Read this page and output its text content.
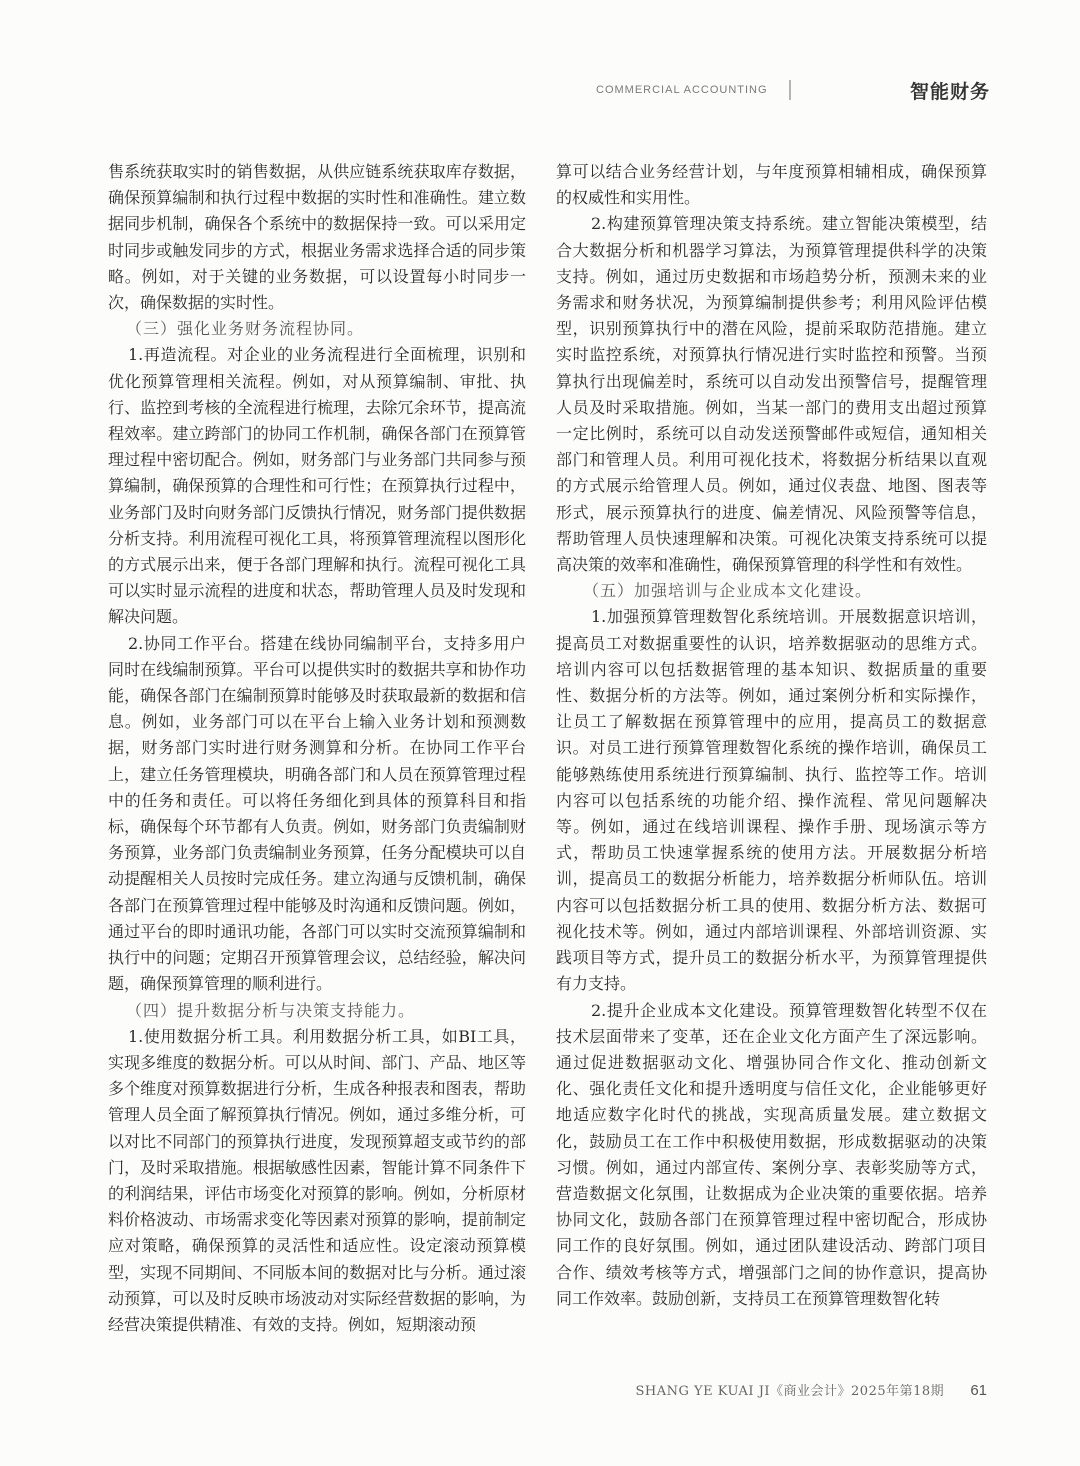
COMMERCIAL ACCOUNTING	智能财务

售系统获取实时的销售数据，从供应链系统获取库存数据，确保预算编制和执行过程中数据的实时性和准确性。建立数据同步机制，确保各个系统中的数据保持一致。可以采用定时同步或触发同步的方式，根据业务需求选择合适的同步策略。例如，对于关键的业务数据，可以设置每小时同步一次，确保数据的实时性。

（三）强化业务财务流程协同。

1.再造流程。对企业的业务流程进行全面梳理，识别和优化预算管理相关流程。例如，对从预算编制、审批、执行、监控到考核的全流程进行梳理，去除冗余环节，提高流程效率。建立跨部门的协同工作机制，确保各部门在预算管理过程中密切配合。例如，财务部门与业务部门共同参与预算编制，确保预算的合理性和可行性；在预算执行过程中，业务部门及时向财务部门反馈执行情况，财务部门提供数据分析支持。利用流程可视化工具，将预算管理流程以图形化的方式展示出来，便于各部门理解和执行。流程可视化工具可以实时显示流程的进度和状态，帮助管理人员及时发现和解决问题。

2.协同工作平台。搭建在线协同编制平台，支持多用户同时在线编制预算。平台可以提供实时的数据共享和协作功能，确保各部门在编制预算时能够及时获取最新的数据和信息。例如，业务部门可以在平台上输入业务计划和预测数据，财务部门实时进行财务测算和分析。在协同工作平台上，建立任务管理模块，明确各部门和人员在预算管理过程中的任务和责任。可以将任务细化到具体的预算科目和指标，确保每个环节都有人负责。例如，财务部门负责编制财务预算，业务部门负责编制业务预算，任务分配模块可以自动提醒相关人员按时完成任务。建立沟通与反馈机制，确保各部门在预算管理过程中能够及时沟通和反馈问题。例如，通过平台的即时通讯功能，各部门可以实时交流预算编制和执行中的问题；定期召开预算管理会议，总结经验，解决问题，确保预算管理的顺利进行。

（四）提升数据分析与决策支持能力。

1.使用数据分析工具。利用数据分析工具，如BI工具，实现多维度的数据分析。可以从时间、部门、产品、地区等多个维度对预算数据进行分析，生成各种报表和图表，帮助管理人员全面了解预算执行情况。例如，通过多维分析，可以对比不同部门的预算执行进度，发现预算超支或节约的部门，及时采取措施。根据敏感性因素，智能计算不同条件下的利润结果，评估市场变化对预算的影响。例如，分析原材料价格波动、市场需求变化等因素对预算的影响，提前制定应对策略，确保预算的灵活性和适应性。设定滚动预算模型，实现不同期间、不同版本间的数据对比与分析。通过滚动预算，可以及时反映市场波动对实际经营数据的影响，为经营决策提供精准、有效的支持。例如，短期滚动预

算可以结合业务经营计划，与年度预算相辅相成，确保预算的权威性和实用性。

2.构建预算管理决策支持系统。建立智能决策模型，结合大数据分析和机器学习算法，为预算管理提供科学的决策支持。例如，通过历史数据和市场趋势分析，预测未来的业务需求和财务状况，为预算编制提供参考；利用风险评估模型，识别预算执行中的潜在风险，提前采取防范措施。建立实时监控系统，对预算执行情况进行实时监控和预警。当预算执行出现偏差时，系统可以自动发出预警信号，提醒管理人员及时采取措施。例如，当某一部门的费用支出超过预算一定比例时，系统可以自动发送预警邮件或短信，通知相关部门和管理人员。利用可视化技术，将数据分析结果以直观的方式展示给管理人员。例如，通过仪表盘、地图、图表等形式，展示预算执行的进度、偏差情况、风险预警等信息，帮助管理人员快速理解和决策。可视化决策支持系统可以提高决策的效率和准确性，确保预算管理的科学性和有效性。

（五）加强培训与企业成本文化建设。

1.加强预算管理数智化系统培训。开展数据意识培训，提高员工对数据重要性的认识，培养数据驱动的思维方式。培训内容可以包括数据管理的基本知识、数据质量的重要性、数据分析的方法等。例如，通过案例分析和实际操作，让员工了解数据在预算管理中的应用，提高员工的数据意识。对员工进行预算管理数智化系统的操作培训，确保员工能够熟练使用系统进行预算编制、执行、监控等工作。培训内容可以包括系统的功能介绍、操作流程、常见问题解决等。例如，通过在线培训课程、操作手册、现场演示等方式，帮助员工快速掌握系统的使用方法。开展数据分析培训，提高员工的数据分析能力，培养数据分析师队伍。培训内容可以包括数据分析工具的使用、数据分析方法、数据可视化技术等。例如，通过内部培训课程、外部培训资源、实践项目等方式，提升员工的数据分析水平，为预算管理提供有力支持。

2.提升企业成本文化建设。预算管理数智化转型不仅在技术层面带来了变革，还在企业文化方面产生了深远影响。通过促进数据驱动文化、增强协同合作文化、推动创新文化、强化责任文化和提升透明度与信任文化，企业能够更好地适应数字化时代的挑战，实现高质量发展。建立数据文化，鼓励员工在工作中积极使用数据，形成数据驱动的决策习惯。例如，通过内部宣传、案例分享、表彰奖励等方式，营造数据文化氛围，让数据成为企业决策的重要依据。培养协同文化，鼓励各部门在预算管理过程中密切配合，形成协同工作的良好氛围。例如，通过团队建设活动、跨部门项目合作、绩效考核等方式，增强部门之间的协作意识，提高协同工作效率。鼓励创新，支持员工在预算管理数智化转

SHANG YE KUAI JI《商业会计》2025年第18期 61
